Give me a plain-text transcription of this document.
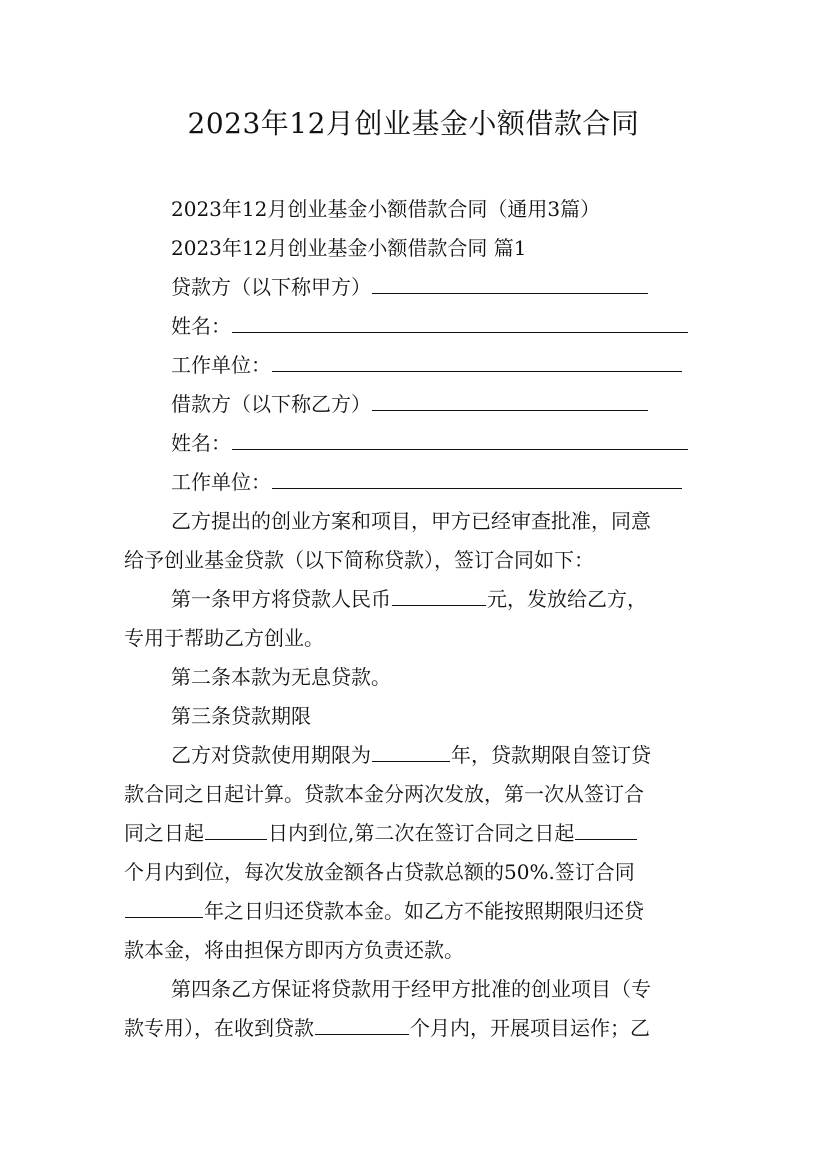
2023年12月创业基金小额借款合同
2023年12月创业基金小额借款合同（通用3篇）
2023年12月创业基金小额借款合同 篇1
贷款方（以下称甲方）
姓名：
工作单位：
借款方（以下称乙方）
姓名：
工作单位：
乙方提出的创业方案和项目，甲方已经审查批准，同意
给予创业基金贷款（以下简称贷款），签订合同如下：
第一条甲方将贷款人民币	元，发放给乙方，
专用于帮助乙方创业。
第二条本款为无息贷款。
第三条贷款期限
乙方对贷款使用期限为	年，贷款期限自签订贷
款合同之日起计算。贷款本金分两次发放，第一次从签订合
同之日起	日内到位,第二次在签订合同之日起
个月内到位，每次发放金额各占贷款总额的50%.签订合同
年之日归还贷款本金。如乙方不能按照期限归还贷
款本金，将由担保方即丙方负责还款。
第四条乙方保证将贷款用于经甲方批准的创业项目（专
款专用），在收到贷款	个月内，开展项目运作；乙
